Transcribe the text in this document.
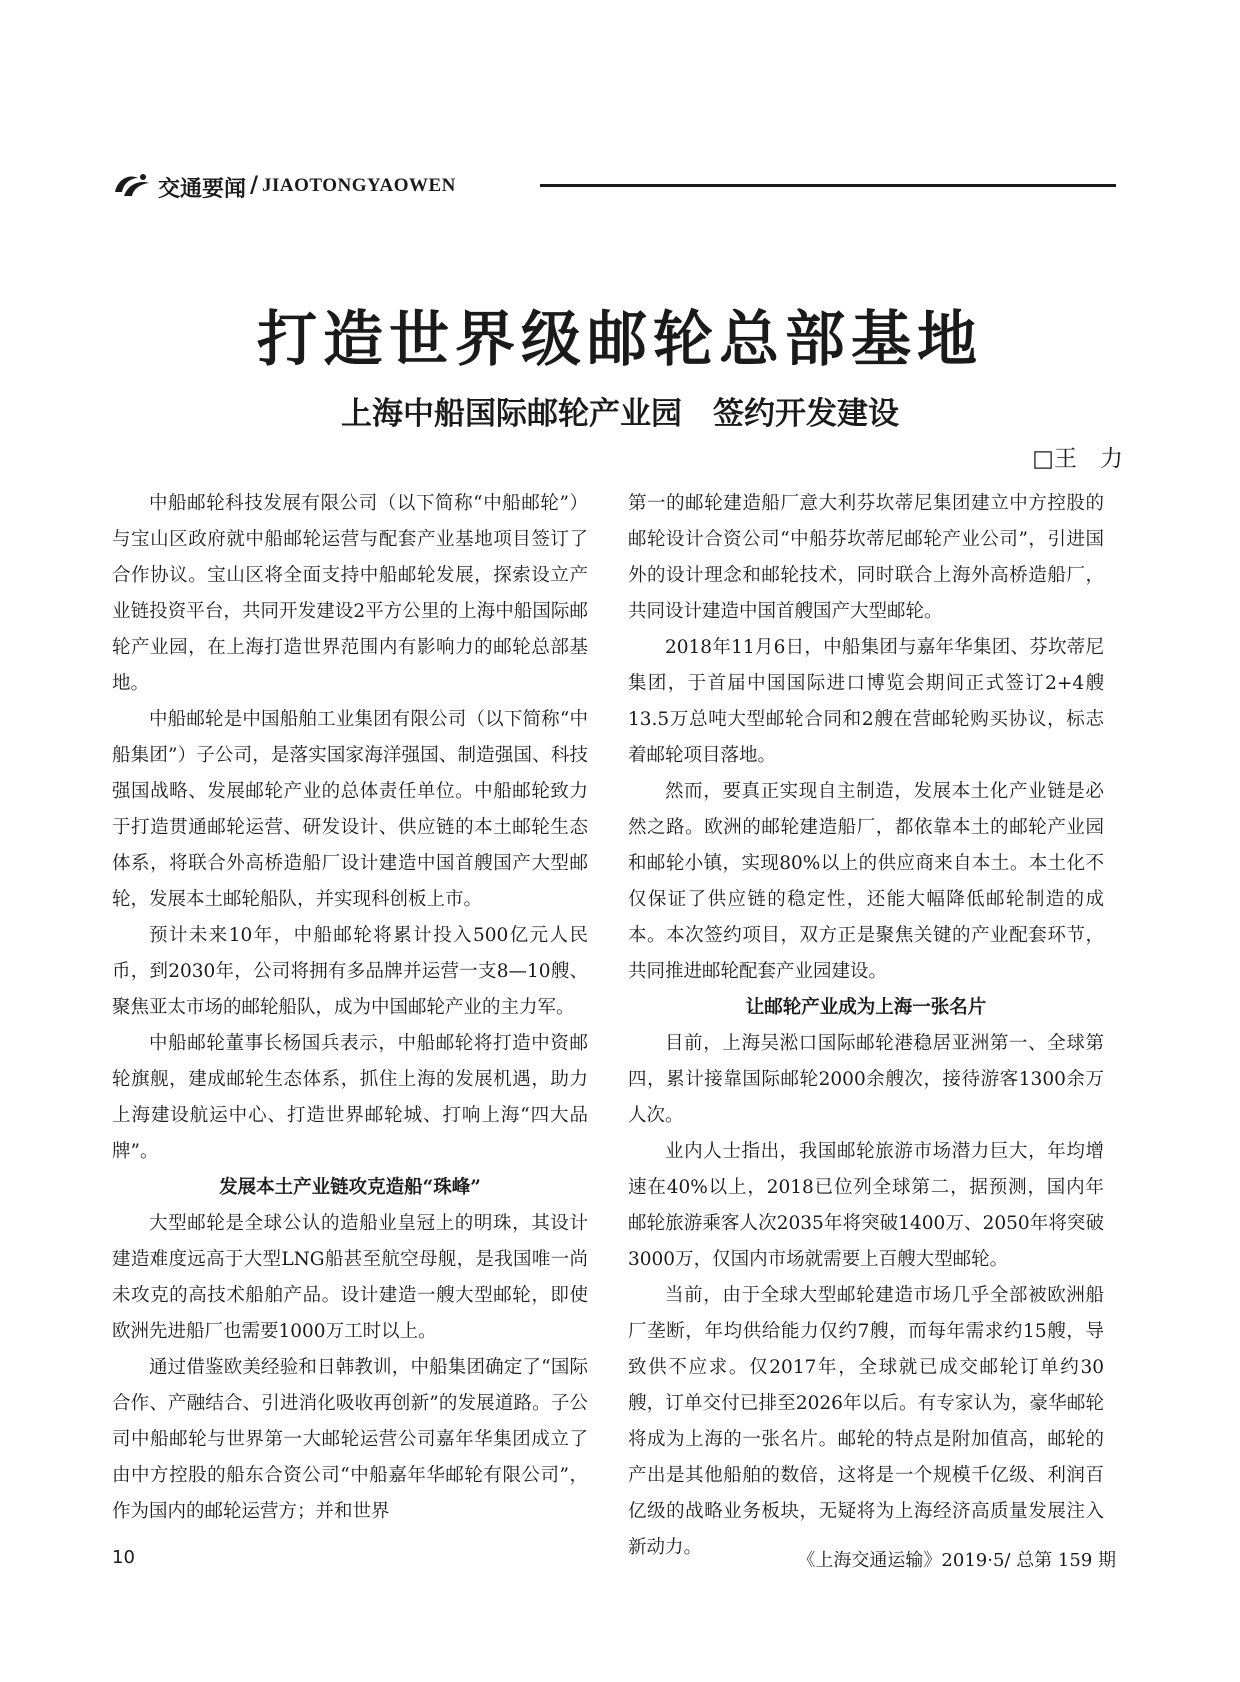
交通要闻 / JIAOTONGYAOWEN
打造世界级邮轮总部基地
上海中船国际邮轮产业园　签约开发建设
□王　力

中船邮轮科技发展有限公司（以下简称“中船邮轮”）与宝山区政府就中船邮轮运营与配套产业基地项目签订了合作协议。宝山区将全面支持中船邮轮发展，探索设立产业链投资平台，共同开发建设2平方公里的上海中船国际邮轮产业园，在上海打造世界范围内有影响力的邮轮总部基地。

中船邮轮是中国船舶工业集团有限公司（以下简称“中船集团”）子公司，是落实国家海洋强国、制造强国、科技强国战略、发展邮轮产业的总体责任单位。中船邮轮致力于打造贯通邮轮运营、研发设计、供应链的本土邮轮生态体系，将联合外高桥造船厂设计建造中国首艘国产大型邮轮，发展本土邮轮船队，并实现科创板上市。

预计未来10年，中船邮轮将累计投入500亿元人民币，到2030年，公司将拥有多品牌并运营一支8—10艘、聚焦亚太市场的邮轮船队，成为中国邮轮产业的主力军。

中船邮轮董事长杨国兵表示，中船邮轮将打造中资邮轮旗舰，建成邮轮生态体系，抓住上海的发展机遇，助力上海建设航运中心、打造世界邮轮城、打响上海“四大品牌”。

发展本土产业链攻克造船“珠峰”

大型邮轮是全球公认的造船业皇冠上的明珠，其设计建造难度远高于大型LNG船甚至航空母舰，是我国唯一尚未攻克的高技术船舶产品。设计建造一艘大型邮轮，即使欧洲先进船厂也需要1000万工时以上。

通过借鉴欧美经验和日韩教训，中船集团确定了“国际合作、产融结合、引进消化吸收再创新”的发展道路。子公司中船邮轮与世界第一大邮轮运营公司嘉年华集团成立了由中方控股的船东合资公司“中船嘉年华邮轮有限公司”，作为国内的邮轮运营方；并和世界

第一的邮轮建造船厂意大利芬坎蒂尼集团建立中方控股的邮轮设计合资公司“中船芬坎蒂尼邮轮产业公司”，引进国外的设计理念和邮轮技术，同时联合上海外高桥造船厂，共同设计建造中国首艘国产大型邮轮。

2018年11月6日，中船集团与嘉年华集团、芬坎蒂尼集团，于首届中国国际进口博览会期间正式签订2+4艘13.5万总吨大型邮轮合同和2艘在营邮轮购买协议，标志着邮轮项目落地。

然而，要真正实现自主制造，发展本土化产业链是必然之路。欧洲的邮轮建造船厂，都依靠本土的邮轮产业园和邮轮小镇，实现80%以上的供应商来自本土。本土化不仅保证了供应链的稳定性，还能大幅降低邮轮制造的成本。本次签约项目，双方正是聚焦关键的产业配套环节，共同推进邮轮配套产业园建设。

让邮轮产业成为上海一张名片

目前，上海吴淞口国际邮轮港稳居亚洲第一、全球第四，累计接靠国际邮轮2000余艘次，接待游客1300余万人次。

业内人士指出，我国邮轮旅游市场潜力巨大，年均增速在40%以上，2018已位列全球第二，据预测，国内年邮轮旅游乘客人次2035年将突破1400万、2050年将突破3000万，仅国内市场就需要上百艘大型邮轮。

当前，由于全球大型邮轮建造市场几乎全部被欧洲船厂垄断，年均供给能力仅约7艘，而每年需求约15艘，导致供不应求。仅2017年，全球就已成交邮轮订单约30艘，订单交付已排至2026年以后。有专家认为，豪华邮轮将成为上海的一张名片。邮轮的特点是附加值高，邮轮的产出是其他船舶的数倍，这将是一个规模千亿级、利润百亿级的战略业务板块，无疑将为上海经济高质量发展注入新动力。

10	《上海交通运输》2019·5/ 总第 159 期
